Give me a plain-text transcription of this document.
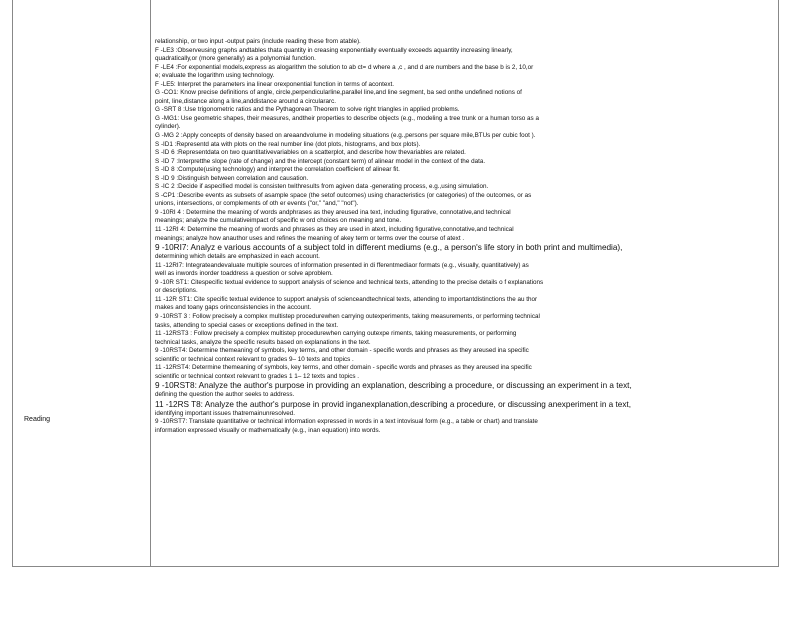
Reading

relationship, or two input -output pairs (include reading these from atable).

F -LE3 :Observeusing graphs andtables thata quantity in creasing exponentially eventually exceeds aquantity increasing linearly,

quadratically,or (more generally) as a polynomial function.

F -LE4 :For exponential models,express as alogarithm the solution to ab ct= d where a ,c , and d are numbers and the base b is 2, 10,or

e; evaluate the logarithm using technology.

F -LE5: Interpret the parameters ina linear orexponential function in terms of acontext.

G -CO1: Know precise definitions of angle, circle,perpendicularline,parallel line,and line segment, ba sed onthe undefined notions of

point, line,distance along a line,anddistance around a circulararc.

G -SRT 8 :Use trigonometric ratios and the Pythagorean Theorem to solve right triangles in applied problems.

G -MG1: Use geometric shapes, their measures, andtheir properties to describe objects (e.g., modeling a tree trunk or a human torso as a

cylinder).

G -MG 2 :Apply concepts of density based on areaandvolume in modeling situations (e.g.,persons per square mile,BTUs per cubic foot ).

S -ID1 :Representd ata with plots on the real number line (dot plots, histograms, and box plots).

S -ID 6 :Representdata on two quantitativevariables on a scatterplot, and describe how thevariables are related.

S -ID 7 :Interpretthe slope (rate of change) and the intercept (constant term) of alinear model in the context of the data.

S -ID 8 :Compute(using technology) and interpret the correlation coefficient of alinear fit.

S -ID 9 :Distinguish between correlation and causation.

S -IC 2 :Decide if aspecified model is consisten twithresults from agiven data -generating process, e.g.,using simulation.

S -CP1 :Describe events as subsets of asample space (the setof outcomes) using characteristics (or categories) of the outcomes, or as

unions, intersections, or complements of oth er events ("or," "and," "not").

9 -10RI 4 : Determine the meaning of words andphrases as they areused ina text, including figurative, connotative,and technical

meanings; analyze the cumulativeimpact of specific w ord choices on meaning and tone.

11 -12RI 4: Determine the meaning of words and phrases as they are used in atext, including figurative,connotative,and technical

meanings; analyze how anauthor uses and refines the meaning of akey term or terms over the course of atext .

9 -10RI7: Analyz e various accounts of a subject told in different mediums (e.g., a person's life story in both print and multimedia),

determining which details are emphasized in each account.

11 -12RI7: Integrateandevaluate multiple sources of information presented in di fferentmediaor formats (e.g., visually, quantitatively) as

well as inwords inorder toaddress a question or solve aproblem.

9 -10R ST1: Citespecific textual evidence to support analysis of science and technical texts, attending to the precise details o f explanations

or descriptions.

11 -12R ST1: Cite specific textual evidence to support analysis of scienceandtechnical texts, attending to importantdistinctions the au thor

makes and toany gaps orinconsistencies in the account.

9 -10RST 3 : Follow precisely a complex multistep procedurewhen carrying outexperiments, taking measurements, or performing technical

tasks, attending to special cases or exceptions defined in the text.

11 -12RST3 : Follow precisely a complex multistep procedurewhen carrying outexpe riments, taking measurements, or performing

technical tasks, analyze the specific results based on explanations in the text.

9 -10RST4: Determine themeaning of symbols, key terms, and other domain - specific words and phrases as they areused ina specific

scientific or technical context relevant to grades 9– 10 texts and topics .

11 -12RST4: Determine themeaning of symbols, key terms, and other domain - specific words and phrases as they areused ina specific

scientific or technical context relevant to grades 1 1– 12 texts and topics .

9 -10RST8: Analyze the author's purpose in providing an explanation, describing a procedure, or discussing an experiment in a text,

defining the question the author seeks to address.

11 -12RS T8: Analyze the author's purpose in provid inganexplanation,describing a procedure, or discussing anexperiment in a text,

identifying important issues thatremainunresolved.

9 -10RST7: Translate quantitative or technical information expressed in words in a text intovisual form (e.g., a table or chart) and translate

information expressed visually or mathematically (e.g., inan equation) into words.
